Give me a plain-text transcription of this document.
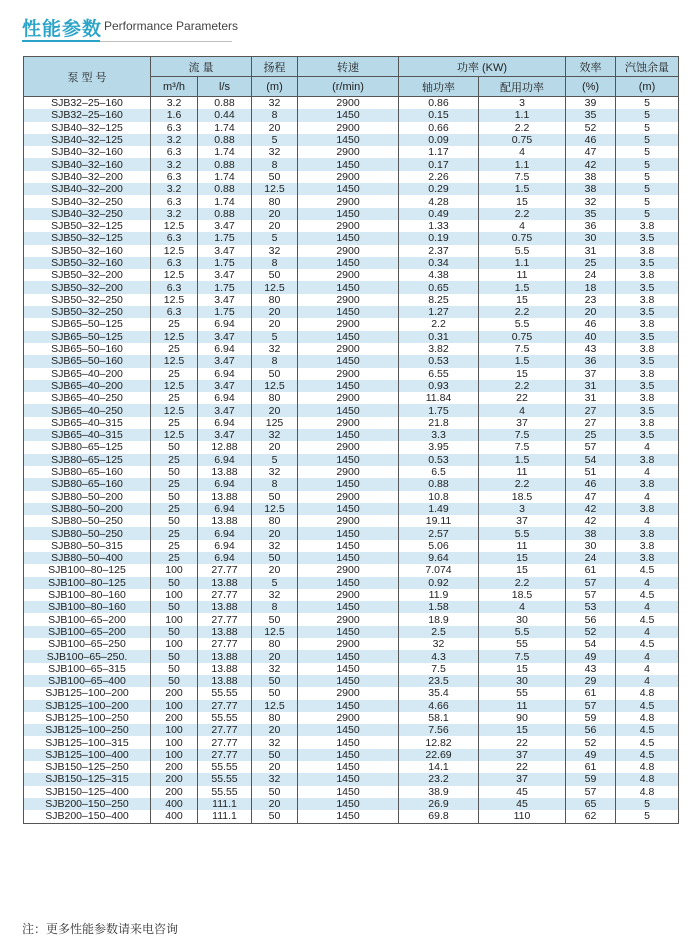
性能参数 Performance Parameters
泵 型 号	流 量		扬程	转速	功率 (KW)		效率	汽蚀余量
	m³/h	l/s	(m)	(r/min)	轴功率	配用功率	(%)	(m)
SJB32–25–160	3.2	0.88	32	2900	0.86	3	39	5
SJB32–25–160	1.6	0.44	8	1450	0.15	1.1	35	5
SJB40–32–125	6.3	1.74	20	2900	0.66	2.2	52	5
SJB40–32–125	3.2	0.88	5	1450	0.09	0.75	46	5
SJB40–32–160	6.3	1.74	32	2900	1.17	4	47	5
SJB40–32–160	3.2	0.88	8	1450	0.17	1.1	42	5
SJB40–32–200	6.3	1.74	50	2900	2.26	7.5	38	5
SJB40–32–200	3.2	0.88	12.5	1450	0.29	1.5	38	5
SJB40–32–250	6.3	1.74	80	2900	4.28	15	32	5
SJB40–32–250	3.2	0.88	20	1450	0.49	2.2	35	5
SJB50–32–125	12.5	3.47	20	2900	1.33	4	36	3.8
SJB50–32–125	6.3	1.75	5	1450	0.19	0.75	30	3.5
SJB50–32–160	12.5	3.47	32	2900	2.37	5.5	31	3.8
SJB50–32–160	6.3	1.75	8	1450	0.34	1.1	25	3.5
SJB50–32–200	12.5	3.47	50	2900	4.38	11	24	3.8
SJB50–32–200	6.3	1.75	12.5	1450	0.65	1.5	18	3.5
SJB50–32–250	12.5	3.47	80	2900	8.25	15	23	3.8
SJB50–32–250	6.3	1.75	20	1450	1.27	2.2	20	3.5
SJB65–50–125	25	6.94	20	2900	2.2	5.5	46	3.8
SJB65–50–125	12.5	3.47	5	1450	0.31	0.75	40	3.5
SJB65–50–160	25	6.94	32	2900	3.82	7.5	43	3.8
SJB65–50–160	12.5	3.47	8	1450	0.53	1.5	36	3.5
SJB65–40–200	25	6.94	50	2900	6.55	15	37	3.8
SJB65–40–200	12.5	3.47	12.5	1450	0.93	2.2	31	3.5
SJB65–40–250	25	6.94	80	2900	11.84	22	31	3.8
SJB65–40–250	12.5	3.47	20	1450	1.75	4	27	3.5
SJB65–40–315	25	6.94	125	2900	21.8	37	27	3.8
SJB65–40–315	12.5	3.47	32	1450	3.3	7.5	25	3.5
SJB80–65–125	50	12.88	20	2900	3.95	7.5	57	4
SJB80–65–125	25	6.94	5	1450	0.53	1.5	54	3.8
SJB80–65–160	50	13.88	32	2900	6.5	11	51	4
SJB80–65–160	25	6.94	8	1450	0.88	2.2	46	3.8
SJB80–50–200	50	13.88	50	2900	10.8	18.5	47	4
SJB80–50–200	25	6.94	12.5	1450	1.49	3	42	3.8
SJB80–50–250	50	13.88	80	2900	19.11	37	42	4
SJB80–50–250	25	6.94	20	1450	2.57	5.5	38	3.8
SJB80–50–315	25	6.94	32	1450	5.06	11	30	3.8
SJB80–50–400	25	6.94	50	1450	9.64	15	24	3.8
SJB100–80–125	100	27.77	20	2900	7.074	15	61	4.5
SJB100–80–125	50	13.88	5	1450	0.92	2.2	57	4
SJB100–80–160	100	27.77	32	2900	11.9	18.5	57	4.5
SJB100–80–160	50	13.88	8	1450	1.58	4	53	4
SJB100–65–200	100	27.77	50	2900	18.9	30	56	4.5
SJB100–65–200	50	13.88	12.5	1450	2.5	5.5	52	4
SJB100–65–250	100	27.77	80	2900	32	55	54	4.5
SJB100–65–250.	50	13.88	20	1450	4.3	7.5	49	4
SJB100–65–315	50	13.88	32	1450	7.5	15	43	4
SJB100–65–400	50	13.88	50	1450	23.5	30	29	4
SJB125–100–200	200	55.55	50	2900	35.4	55	61	4.8
SJB125–100–200	100	27.77	12.5	1450	4.66	11	57	4.5
SJB125–100–250	200	55.55	80	2900	58.1	90	59	4.8
SJB125–100–250	100	27.77	20	1450	7.56	15	56	4.5
SJB125–100–315	100	27.77	32	1450	12.82	22	52	4.5
SJB125–100–400	100	27.77	50	1450	22.69	37	49	4.5
SJB150–125–250	200	55.55	20	1450	14.1	22	61	4.8
SJB150–125–315	200	55.55	32	1450	23.2	37	59	4.8
SJB150–125–400	200	55.55	50	1450	38.9	45	57	4.8
SJB200–150–250	400	111.1	20	1450	26.9	45	65	5
SJB200–150–400	400	111.1	50	1450	69.8	110	62	5
注：更多性能参数请来电咨询
